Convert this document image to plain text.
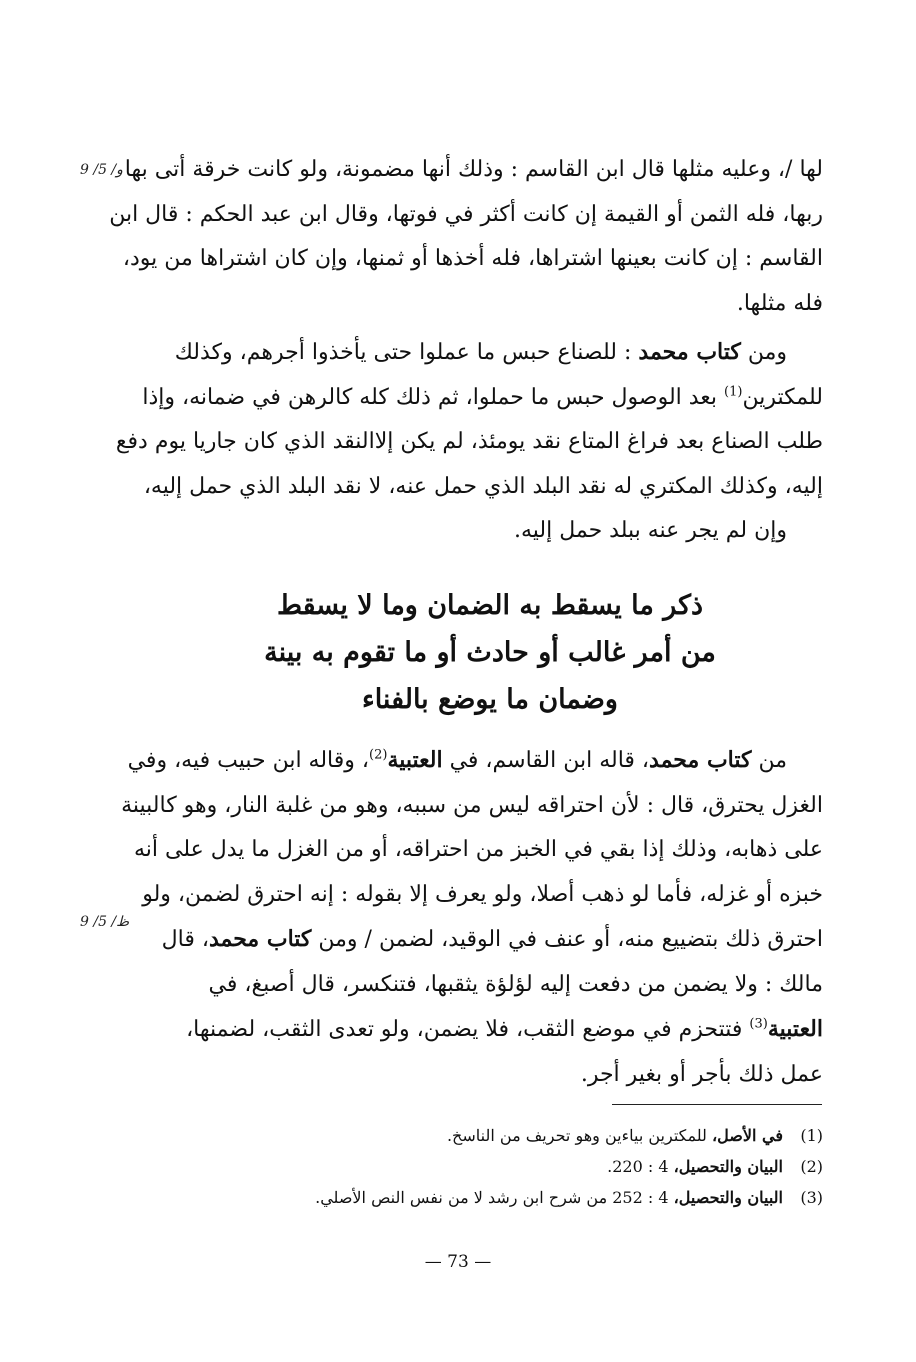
9 /5 /و
9 /5 /ظ
لها /، وعليه مثلها قال ابن القاسم : وذلك أنها مضمونة، ولو كانت خرقة أتى بها
ربها، فله الثمن أو القيمة إن كانت أكثر في فوتها، وقال ابن عبد الحكم : قال ابن
القاسم : إن كانت بعينها اشتراها، فله أخذها أو ثمنها، وإن كان اشتراها من يود،
فله مثلها.
ومن كتاب محمد : للصناع حبس ما عملوا حتى يأخذوا أجرهم، وكذلك
للمكترين$^{(1)}$ بعد الوصول حبس ما حملوا، ثم ذلك كله كالرهن في ضمانه، وإذا
طلب الصناع بعد فراغ المتاع نقد يومئذ، لم يكن إلاالنقد الذي كان جاريا يوم دفع
إليه، وكذلك المكتري له نقد البلد الذي حمل عنه، لا نقد البلد الذي حمل إليه،
وإن لم يجر عنه ببلد حمل إليه.
ذكر ما يسقط به الضمان وما لا يسقط
من أمر غالب أو حادث أو ما تقوم به بينة
وضمان ما يوضع بالفناء
من كتاب محمد، قاله ابن القاسم، في العتبية$^{(2)}$، وقاله ابن حبيب فيه، وفي
الغزل يحترق، قال : لأن احتراقه ليس من سببه، وهو من غلبة النار، وهو كالبينة
على ذهابه، وذلك إذا بقي في الخبز من احتراقه، أو من الغزل ما يدل على أنه
خبزه أو غزله، فأما لو ذهب أصلا، ولو يعرف إلا بقوله : إنه احترق لضمن، ولو
احترق ذلك بتضييع منه، أو عنف في الوقيد، لضمن / ومن كتاب محمد، قال
مالك : ولا يضمن من دفعت إليه لؤلؤة يثقبها، فتنكسر، قال أصبغ، في
العتبية$^{(3)}$ فتتحزم في موضع الثقب، فلا يضمن، ولو تعدى الثقب، لضمنها،
عمل ذلك بأجر أو بغير أجر.
(1)في الأصل، للمكترين بياءين وهو تحريف من الناسخ.
(2)البيان والتحصيل، 4 : 220.
(3)البيان والتحصيل، 4 : 252 من شرح ابن رشد لا من نفس النص الأصلي.
— 73 —
